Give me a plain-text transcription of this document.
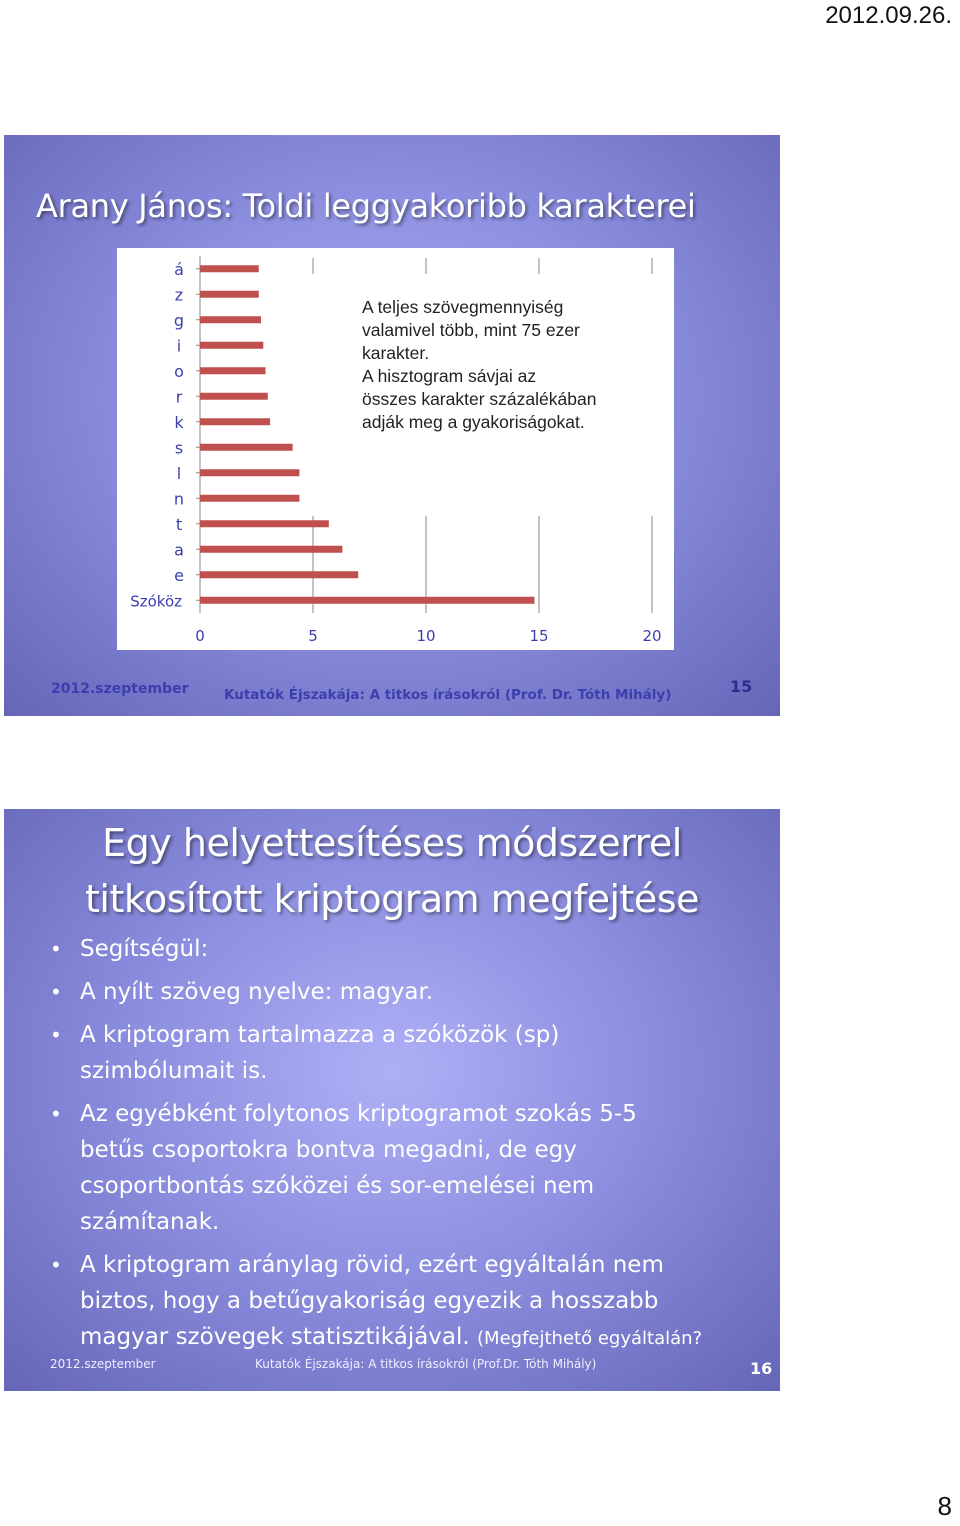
2012.09.26.
Arany János: Toldi leggyakoribb karakterei
á
z
g
i
o
r
k
s
l
n
t
a
e
Szóköz
0	5	10	15	20

A teljes szövegmennyiség
valamivel több, mint 75 ezer
karakter.
A hisztogram sávjai az
összes karakter százalékában
adják meg a gyakoriságokat.

2012.szeptember	Kutatók Éjszakája: A titkos írásokról (Prof. Dr. Tóth Mihály)	15
Egy helyettesítéses módszerrel
titkosított kriptogram megfejtése
• Segítségül:
• A nyílt szöveg nyelve: magyar.
• A kriptogram tartalmazza a szóközök (sp)
szimbólumait is.
• Az egyébként folytonos kriptogramot szokás 5-5
betűs csoportokra bontva megadni, de egy
csoportbontás szóközei és sor-emelései nem
számítanak.
• A kriptogram aránylag rövid, ezért egyáltalán nem
biztos, hogy a betűgyakoriság egyezik a hosszabb
magyar szövegek statisztikájával. (Megfejthető egyáltalán?
2012.szeptember	Kutatók Éjszakája: A titkos írásokról (Prof.Dr. Tóth Mihály)	16
8
